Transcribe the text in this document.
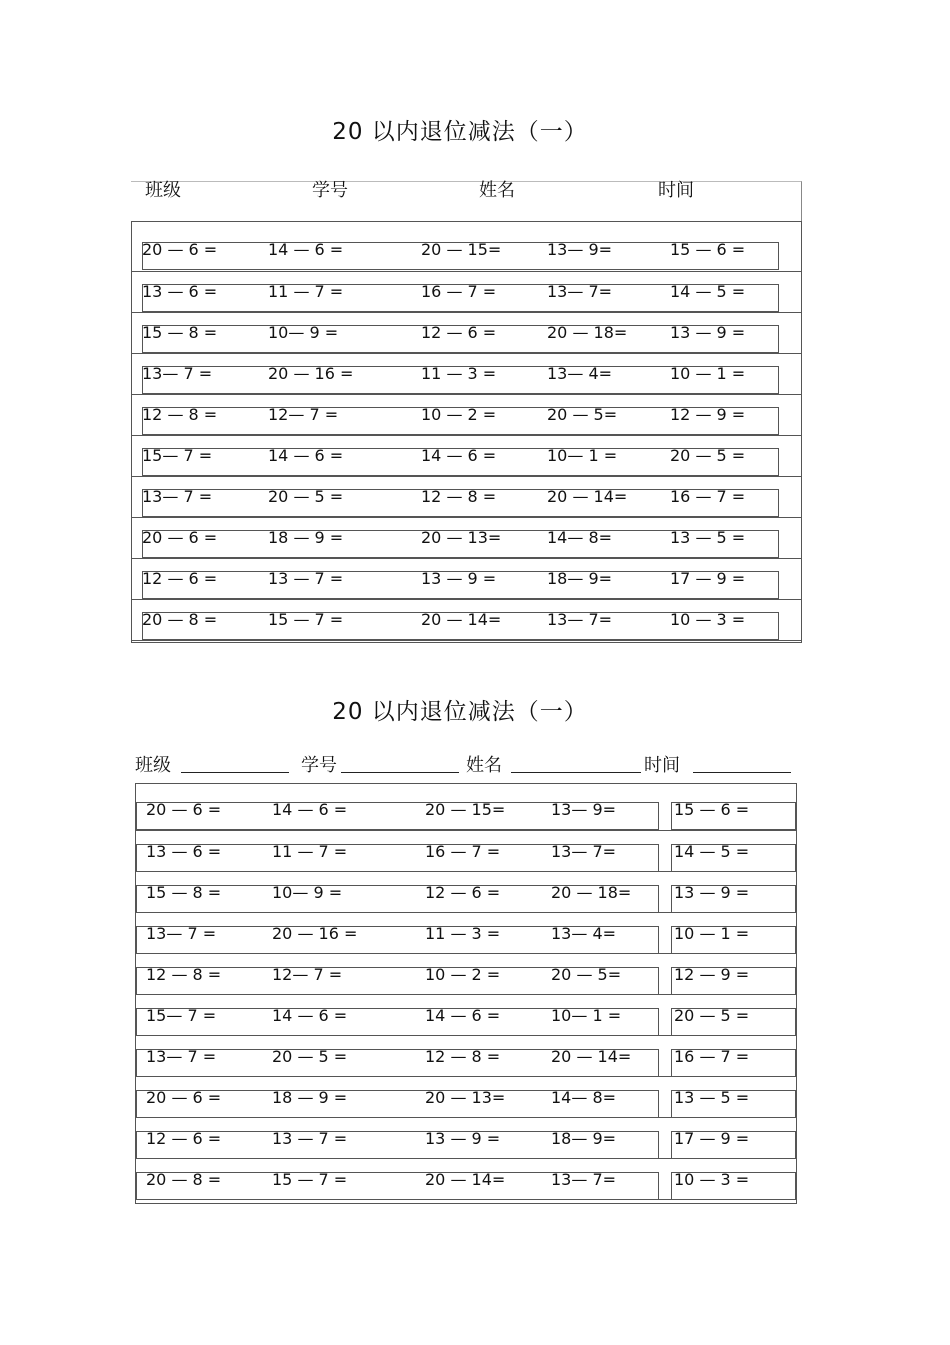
20 以内退位减法（一）
班级	学号	姓名	时间
20 — 6 =	14 — 6 =	20 — 15=	13— 9=	15 — 6 =
13 — 6 =	11 — 7 =	16 — 7 =	13— 7=	14 — 5 =
15 — 8 =	10— 9 =	12 — 6 =	20 — 18=	13 — 9 =
13— 7 =	20 — 16 =	11 — 3 =	13— 4=	10 — 1 =
12 — 8 =	12— 7 =	10 — 2 =	20 — 5=	12 — 9 =
15— 7 =	14 — 6 =	14 — 6 =	10— 1 =	20 — 5 =
13— 7 =	20 — 5 =	12 — 8 =	20 — 14=	16 — 7 =
20 — 6 =	18 — 9 =	20 — 13=	14— 8=	13 — 5 =
12 — 6 =	13 — 7 =	13 — 9 =	18— 9=	17 — 9 =
20 — 8 =	15 — 7 =	20 — 14=	13— 7=	10 — 3 =
20 以内退位减法（一）
班级	学号	姓名	时间
20 — 6 =	14 — 6 =	20 — 15=	13— 9=	15 — 6 =
13 — 6 =	11 — 7 =	16 — 7 =	13— 7=	14 — 5 =
15 — 8 =	10— 9 =	12 — 6 =	20 — 18=	13 — 9 =
13— 7 =	20 — 16 =	11 — 3 =	13— 4=	10 — 1 =
12 — 8 =	12— 7 =	10 — 2 =	20 — 5=	12 — 9 =
15— 7 =	14 — 6 =	14 — 6 =	10— 1 =	20 — 5 =
13— 7 =	20 — 5 =	12 — 8 =	20 — 14=	16 — 7 =
20 — 6 =	18 — 9 =	20 — 13=	14— 8=	13 — 5 =
12 — 6 =	13 — 7 =	13 — 9 =	18— 9=	17 — 9 =
20 — 8 =	15 — 7 =	20 — 14=	13— 7=	10 — 3 =
